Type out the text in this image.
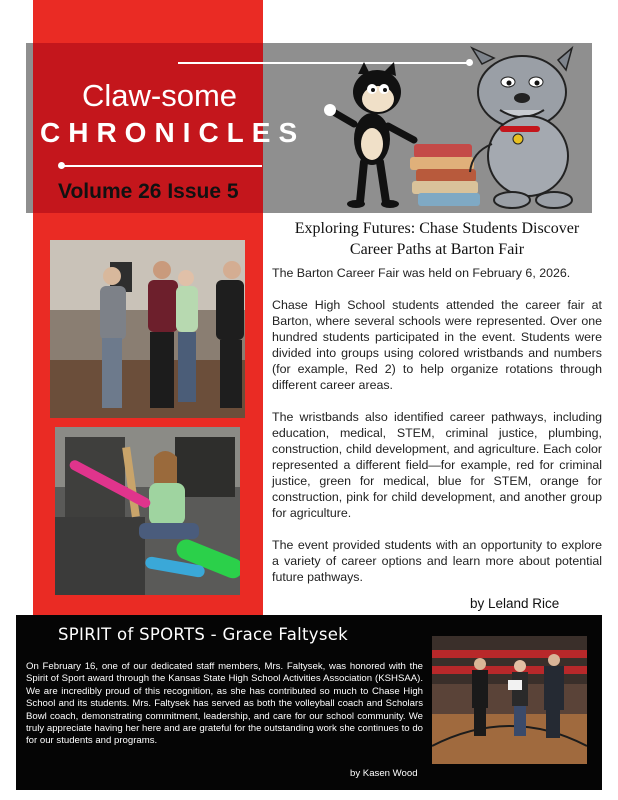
Claw-some
CHRONICLES
Volume 26 Issue 5
Exploring Futures: Chase Students Discover
Career Paths at Barton Fair

The Barton Career Fair was held on February 6, 2026.

Chase High School students attended the career fair at Barton, where several schools were represented. Over one hundred students participated in the event. Students were divided into groups using colored wristbands and numbers (for example, Red 2) to help organize rotations through different career areas.

The wristbands also identified career pathways, including education, medical, STEM, criminal justice, plumbing, construction, child development, and agriculture. Each color represented a different field—for example, red for criminal justice, green for medical, blue for STEM, orange for construction, pink for child development, and another group for agriculture.

The event provided students with an opportunity to explore a variety of career options and learn more about potential future pathways.

by Leland Rice
SPIRIT of SPORTS - Grace Faltysek
On February 16, one of our dedicated staff members, Mrs. Faltysek, was honored with the Spirit of Sport award through the Kansas State High School Activities Association (KSHSAA). We are incredibly proud of this recognition, as she has contributed so much to Chase High School and its students. Mrs. Faltysek has served as both the volleyball coach and Scholars Bowl coach, demonstrating commitment, leadership, and care for our school community. We truly appreciate having her here and are grateful for the outstanding work she continues to do for our students and programs.
by Kasen Wood
